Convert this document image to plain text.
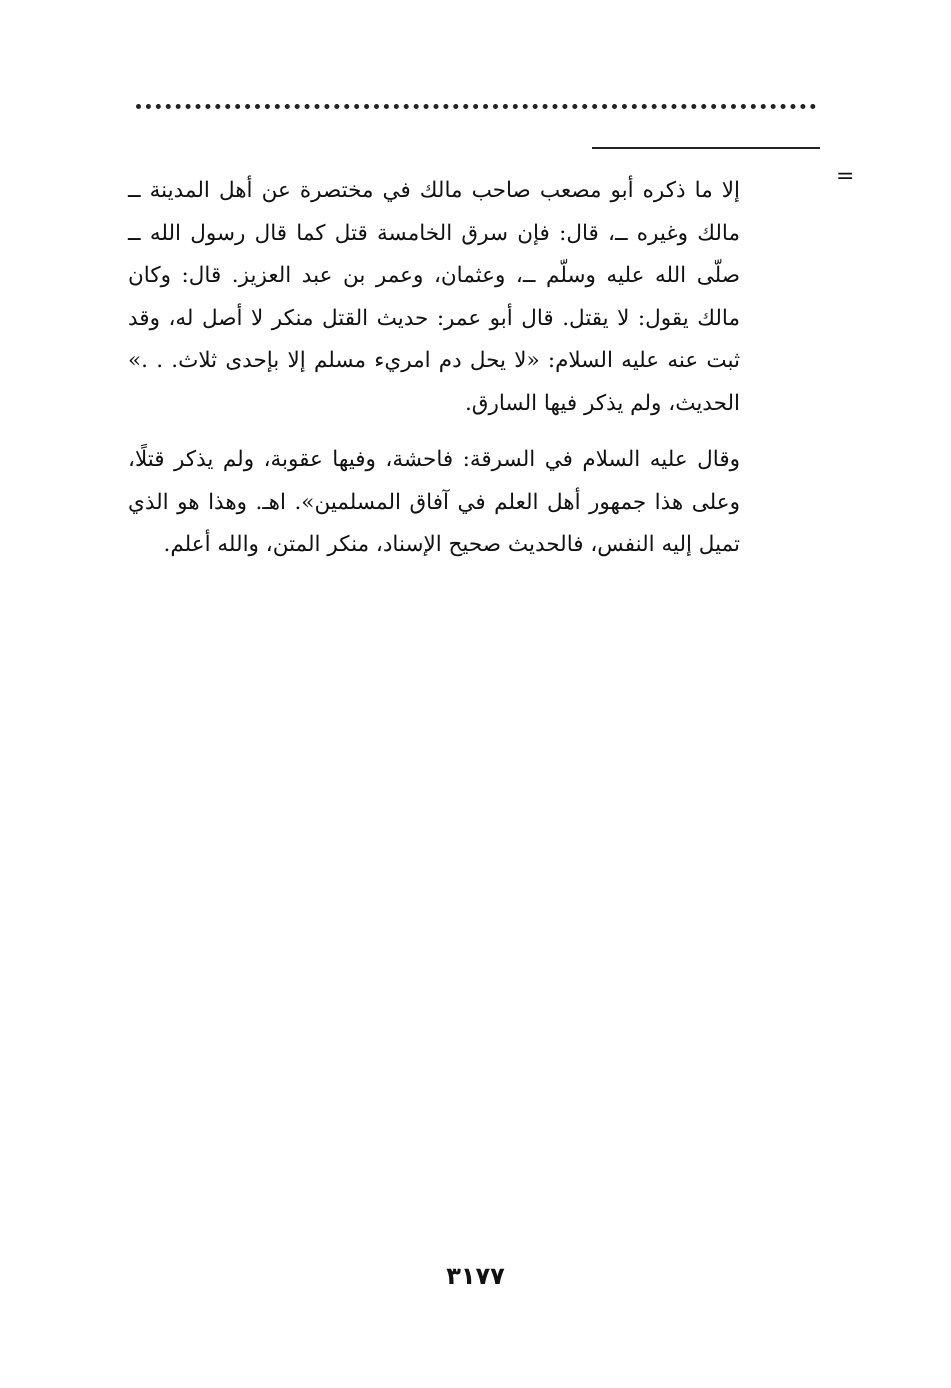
=

إلا ما ذكره أبو مصعب صاحب مالك في مختصرة عن أهل المدينة ــ مالك وغيره ــ، قال: فإن سرق الخامسة قتل كما قال رسول الله ــ صلّى الله عليه وسلّم ــ، وعثمان، وعمر بن عبد العزيز. قال: وكان مالك يقول: لا يقتل. قال أبو عمر: حديث القتل منكر لا أصل له، وقد ثبت عنه عليه السلام: «لا يحل دم امريء مسلم إلا بإحدى ثلاث. . .» الحديث، ولم يذكر فيها السارق.

وقال عليه السلام في السرقة: فاحشة، وفيها عقوبة، ولم يذكر قتلًا، وعلى هذا جمهور أهل العلم في آفاق المسلمين». اهـ. وهذا هو الذي تميل إليه النفس، فالحديث صحيح الإسناد، منكر المتن، والله أعلم.

٣١٧٧
